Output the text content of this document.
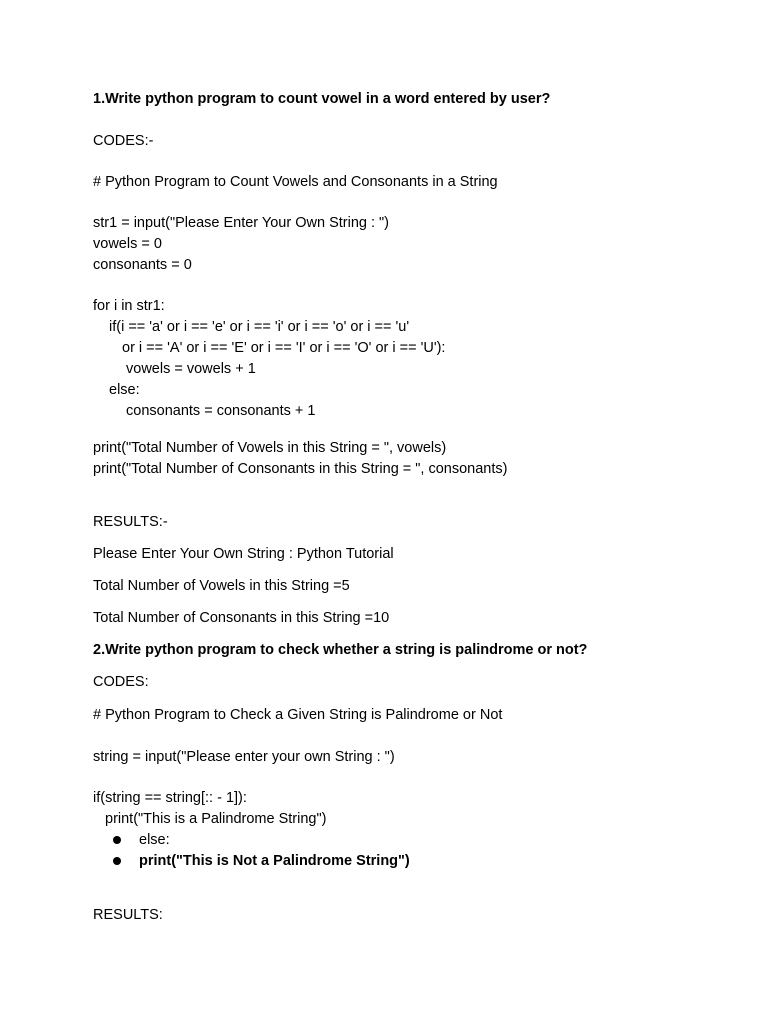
1.Write python program to count vowel in a word entered by user?
CODES:-
# Python Program to Count Vowels and Consonants in a String
str1 = input("Please Enter Your Own String : ")
vowels = 0
consonants = 0
for i in str1:
if(i == 'a' or i == 'e' or i == 'i' or i == 'o' or i == 'u'
or i == 'A' or i == 'E' or i == 'I' or i == 'O' or i == 'U'):
vowels = vowels + 1
else:
consonants = consonants + 1
print("Total Number of Vowels in this String = ", vowels)
print("Total Number of Consonants in this String = ", consonants)
RESULTS:-
Please Enter Your Own String : Python Tutorial
Total Number of Vowels in this String =5
Total Number of Consonants in this String =10
2.Write python program to check whether a string is palindrome or not?
CODES:
# Python Program to Check a Given String is Palindrome or Not
string = input("Please enter your own String : ")
if(string == string[:: - 1]):
print("This is a Palindrome String")
else:
print("This is Not a Palindrome String")
RESULTS:
